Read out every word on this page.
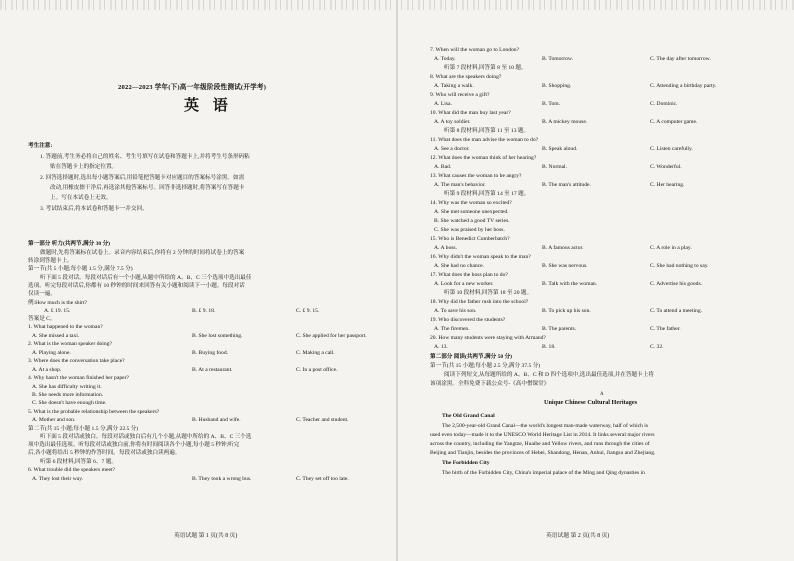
2022—2023 学年(下)高一年级阶段性测试(开学考)
英 语
考生注意:
1. 答题前,考生务必将自己的姓名、考生号填写在试卷和答题卡上,并将考生号条形码粘
贴在答题卡上的指定位置。
2. 回答选择题时,选出每小题答案后,用铅笔把答题卡对应题目的答案标号涂黑。如需
改动,用橡皮擦干净后,再选涂其他答案标号。回答非选择题时,将答案写在答题卡
上。写在本试卷上无效。
3. 考试结束后,将本试卷和答题卡一并交回。
第一部分 听力(共两节,满分 30 分)
做题时,先将答案标在试卷上。录音内容结束后,你将有 2 分钟的时间将试卷上的答案
转涂到答题卡上。
第一节(共 5 小题;每小题 1.5 分,满分 7.5 分)
听下面 5 段对话。每段对话后有一个小题,从题中所给的 A、B、C 三个选项中选出最佳
选项。听完每段对话后,你都有 10 秒钟的时间来回答有关小题和阅读下一小题。每段对话
仅读一遍。
例:How much is the shirt?
A. £ 19. 15.	B. £ 9. 18.	C. £ 9. 15.
答案是 C。
1. What happened to the woman?
A. She missed a taxi.	B. She lost something.	C. She applied for her passport.
2. What is the woman speaker doing?
A. Playing alone.	B. Buying food.	C. Making a call.
3. Where does the conversation take place?
A. At a shop.	B. At a restaurant.	C. In a post office.
4. Why hasn't the woman finished her paper?
A. She has difficulty writing it.
B. She needs more information.
C. She doesn't have enough time.
5. What is the probable relationship between the speakers?
A. Mother and son.	B. Husband and wife.	C. Teacher and student.
第二节(共 15 小题;每小题 1.5 分,满分 22.5 分)
听下面 5 段对话或独白。每段对话或独白后有几个小题,从题中所给的 A、B、C 三个选
项中选出最佳选项。听每段对话或独白前,你将有时间阅读各个小题,每小题 5 秒钟;听完
后,各小题将给出 5 秒钟的作答时间。每段对话或独白读两遍。
听第 6 段材料,回答第 6、7 题。
6. What trouble did the speakers meet?
A. They lost their way.	B. They took a wrong bus.	C. They set off too late.
英语试题 第 1 页(共 8 页)
7. When will the woman go to London?
A. Today.	B. Tomorrow.	C. The day after tomorrow.
听第 7 段材料,回答第 8 至 10 题。
8. What are the speakers doing?
A. Taking a walk.	B. Shopping.	C. Attending a birthday party.
9. Who will receive a gift?
A. Lisa.	B. Tom.	C. Dominic.
10. What did the man buy last year?
A. A toy soldier.	B. A mickey mouse.	C. A computer game.
听第 8 段材料,回答第 11 至 13 题。
11. What does the man advise the woman to do?
A. See a doctor.	B. Speak aloud.	C. Listen carefully.
12. What does the woman think of her hearing?
A. Bad.	B. Normal.	C. Wonderful.
13. What causes the woman to be angry?
A. The man's behavior.	B. The man's attitude.	C. Her hearing.
听第 9 段材料,回答第 14 至 17 题。
14. Why was the woman so excited?
A. She met someone unexpected.
B. She watched a good TV series.
C. She was praised by her boss.
15. Who is Benedict Cumberbatch?
A. A boss.	B. A famous actor.	C. A role in a play.
16. Why didn't the woman speak to the man?
A. She had no chance.	B. She was nervous.	C. She had nothing to say.
17. What does the boss plan to do?
A. Look for a new worker.	B. Talk with the woman.	C. Advertise his goods.
听第 10 段材料,回答第 18 至 20 题。
18. Why did the father rush into the school?
A. To save his son.	B. To pick up his son.	C. To attend a meeting.
19. Who discovered the students?
A. The firemen.	B. The parents.	C. The father.
20. How many students were staying with Armand?
A. 13.	B. 18.	C. 32.
第二部分 阅读(共两节,满分 50 分)
第一节(共 15 小题;每小题 2.5 分,满分 37.5 分)
阅读下列短文,从每题所给的 A、B、C 和 D 四个选项中,选出最佳选项,并在答题卡上将
该项涂黑。全科免费下载公众号-《高中僧课堂》
A
Unique Chinese Cultural Heritages
The Old Grand Canal
The 2,500-year-old Grand Canal—the world's longest man-made waterway, half of which is
used even today—made it to the UNESCO World Heritage List in 2014. It links several major rivers
across the country, including the Yangtze, Huaihe and Yellow rivers, and runs through the cities of
Beijing and Tianjin, besides the provinces of Hebei, Shandong, Henan, Anhui, Jiangsu and Zhejiang.
The Forbidden City
The birth of the Forbidden City, China's imperial palace of the Ming and Qing dynasties in
英语试题 第 2 页(共 8 页)
